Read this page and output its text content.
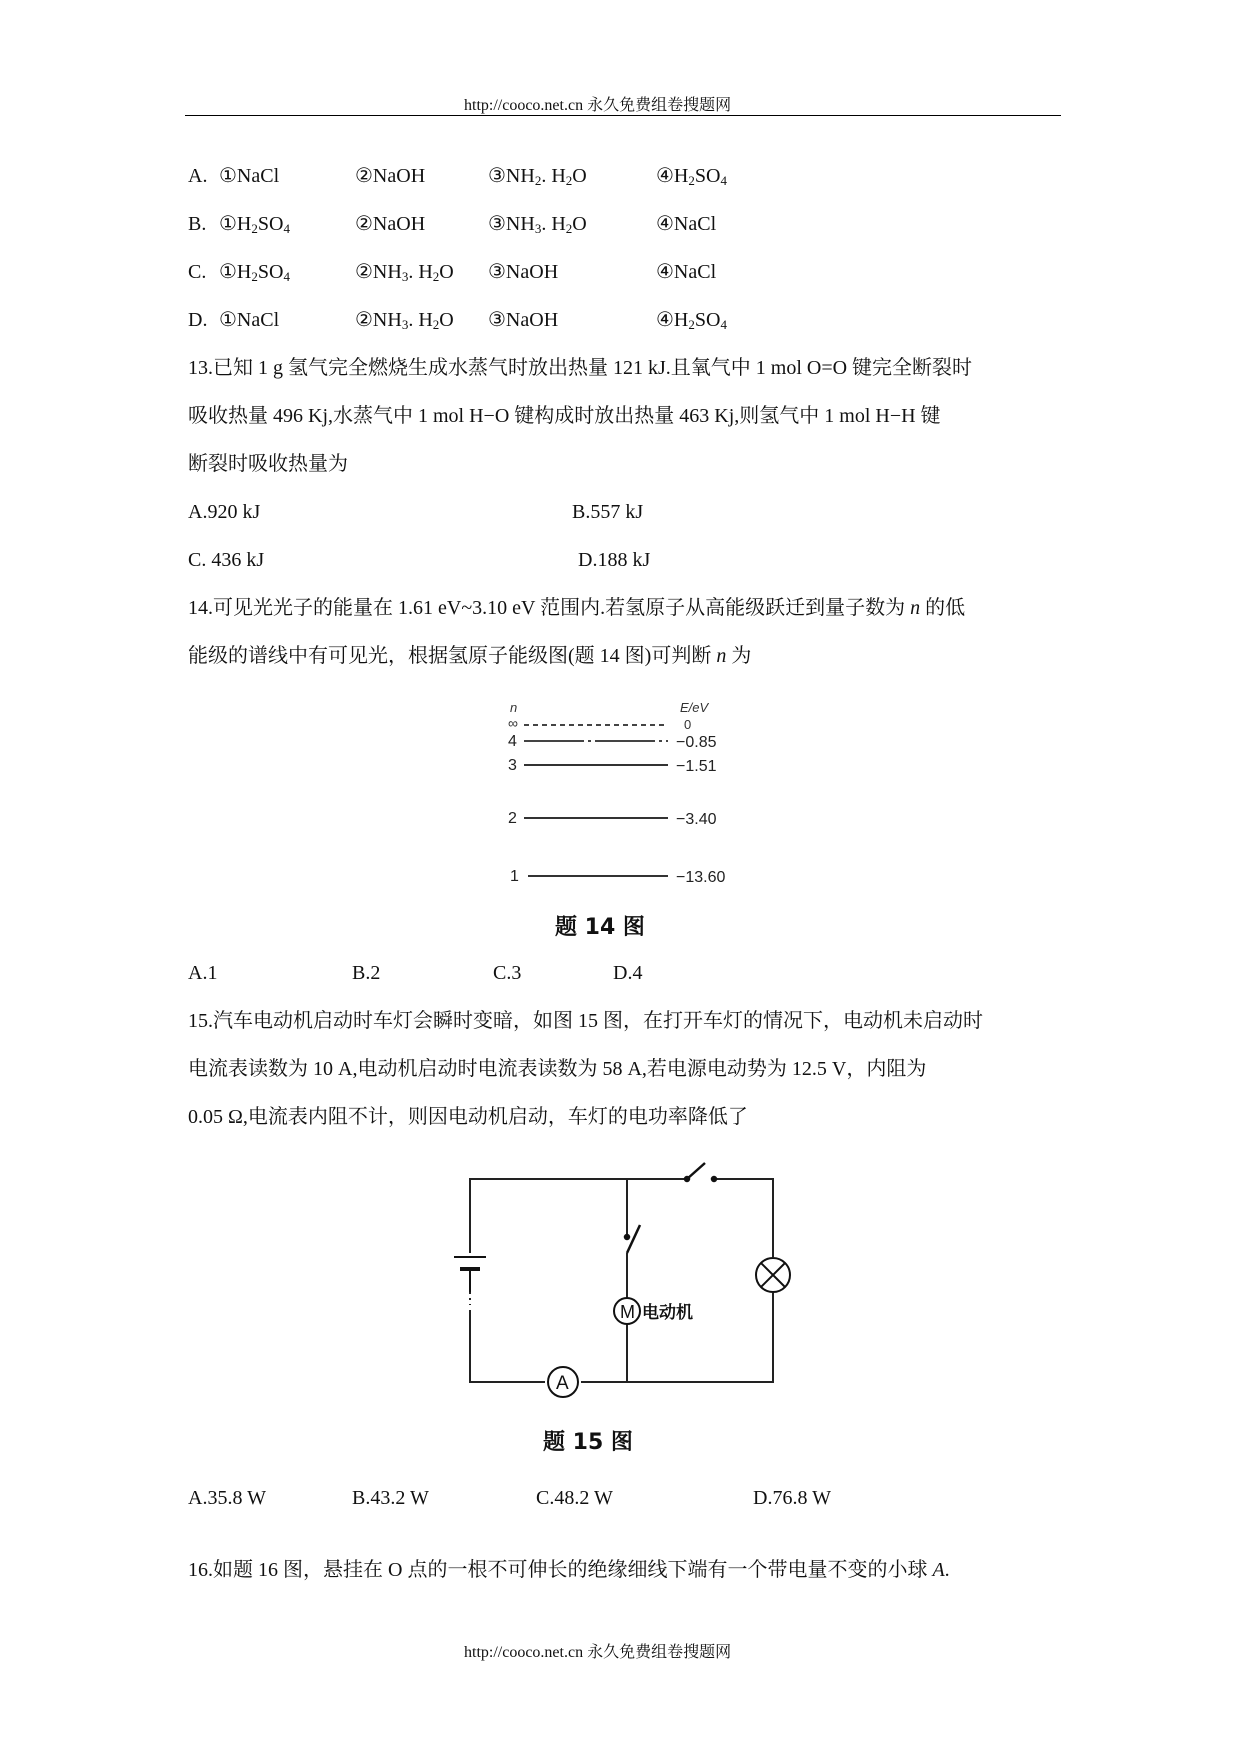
http://cooco.net.cn 永久免费组卷搜题网
A. ①NaCl	②NaOH	$③NH_2$. $H_2O$	$④H_2SO_4$
B. $①H_2SO_4$	②NaOH	$③NH_3$. $H_2O$	④NaCl
C. $①H_2SO_4$	$②NH_3$. $H_2O$ ③NaOH	④NaCl
D. ①NaCl	$②NH_3$. $H_2O$ ③NaOH	$④H_2SO_4$
13.已知 1 g 氢气完全燃烧生成水蒸气时放出热量 121 kJ.且氧气中 1 mol O=O 键完全断裂时
吸收热量 496 Kj,水蒸气中 1 mol H−O 键构成时放出热量 463 Kj,则氢气中 1 mol H−H 键
断裂时吸收热量为
A.920 kJ	B.557 kJ
C. 436 kJ	D.188 kJ
14.可见光光子的能量在 1.61 eV~3.10 eV 范围内.若氢原子从高能级跃迁到量子数为 n 的低
能级的谱线中有可见光，根据氢原子能级图(题 14 图)可判断 n 为
n	E/eV
∞	0
4	−0.85
3	−1.51
2	−3.40
1	−13.60
题 14 图
A.1	B.2	C.3	D.4
15.汽车电动机启动时车灯会瞬时变暗，如图 15 图，在打开车灯的情况下，电动机未启动时
电流表读数为 10 A,电动机启动时电流表读数为 58 A,若电源电动势为 12.5 V，内阻为
0.05 Ω,电流表内阻不计，则因电动机启动，车灯的电功率降低了
M 电动机
A
题 15 图
A.35.8 W	B.43.2 W	C.48.2 W	D.76.8 W
16.如题 16 图，悬挂在 O 点的一根不可伸长的绝缘细线下端有一个带电量不变的小球 A.
http://cooco.net.cn 永久免费组卷搜题网
